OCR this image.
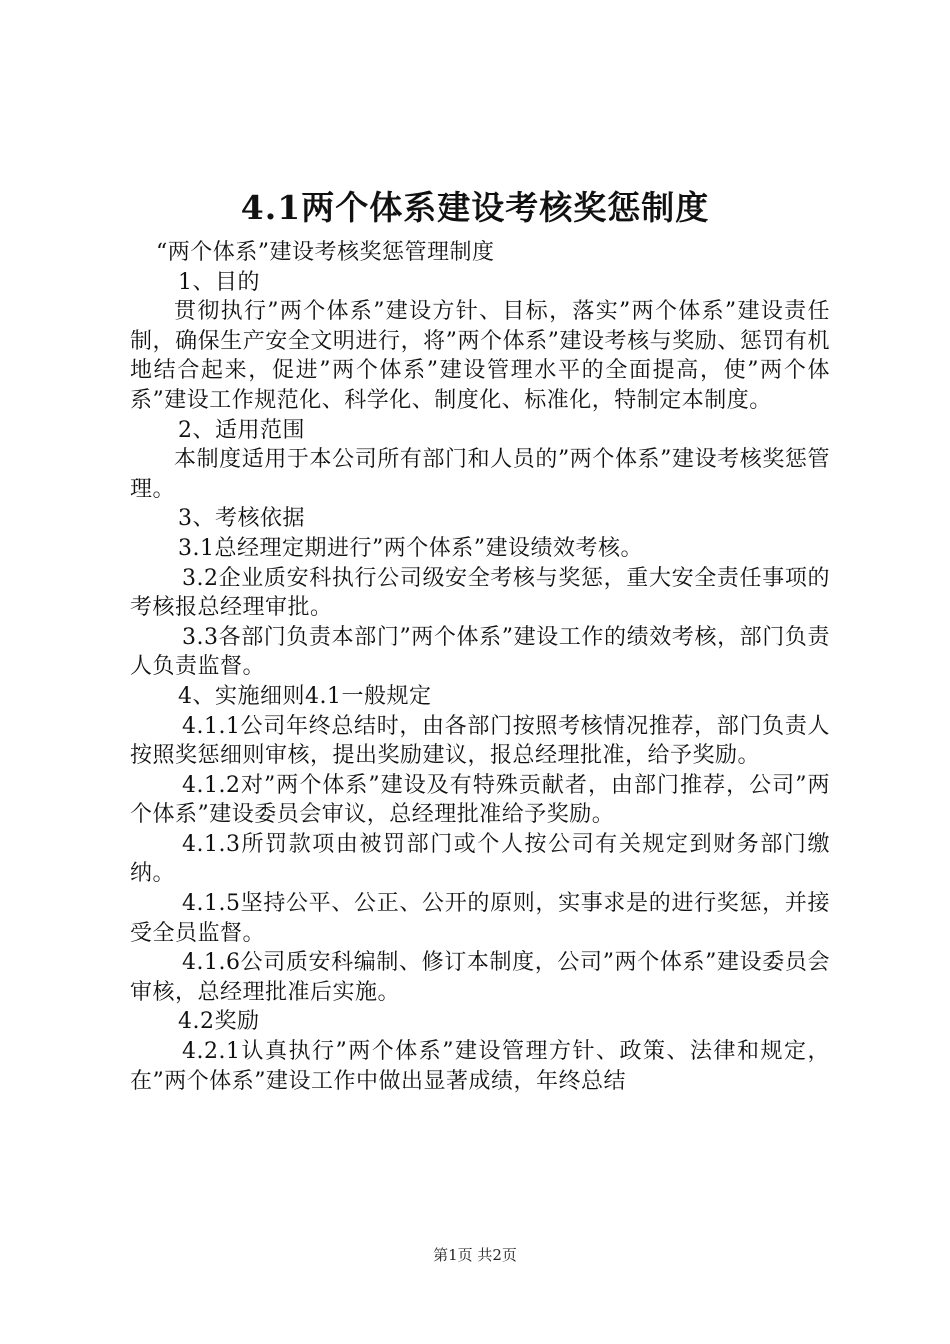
4.1两个体系建设考核奖惩制度

“两个体系”建设考核奖惩管理制度

1、目的

贯彻执行”两个体系”建设方针、目标，落实”两个体系”建设责任制，确保生产安全文明进行，将”两个体系”建设考核与奖励、惩罚有机地结合起来，促进”两个体系”建设管理水平的全面提高，使”两个体系”建设工作规范化、科学化、制度化、标准化，特制定本制度。

2、适用范围

本制度适用于本公司所有部门和人员的”两个体系”建设考核奖惩管理。

3、考核依据

3.1总经理定期进行”两个体系”建设绩效考核。

3.2企业质安科执行公司级安全考核与奖惩，重大安全责任事项的考核报总经理审批。

3.3各部门负责本部门”两个体系”建设工作的绩效考核，部门负责人负责监督。

4、实施细则4.1一般规定

4.1.1公司年终总结时，由各部门按照考核情况推荐，部门负责人按照奖惩细则审核，提出奖励建议，报总经理批准，给予奖励。

4.1.2对”两个体系”建设及有特殊贡献者，由部门推荐，公司”两个体系”建设委员会审议，总经理批准给予奖励。

4.1.3所罚款项由被罚部门或个人按公司有关规定到财务部门缴纳。

4.1.5坚持公平、公正、公开的原则，实事求是的进行奖惩，并接受全员监督。

4.1.6公司质安科编制、修订本制度，公司”两个体系”建设委员会审核，总经理批准后实施。

4.2奖励

4.2.1认真执行”两个体系”建设管理方针、政策、法律和规定，在”两个体系”建设工作中做出显著成绩，年终总结

第1页 共2页
